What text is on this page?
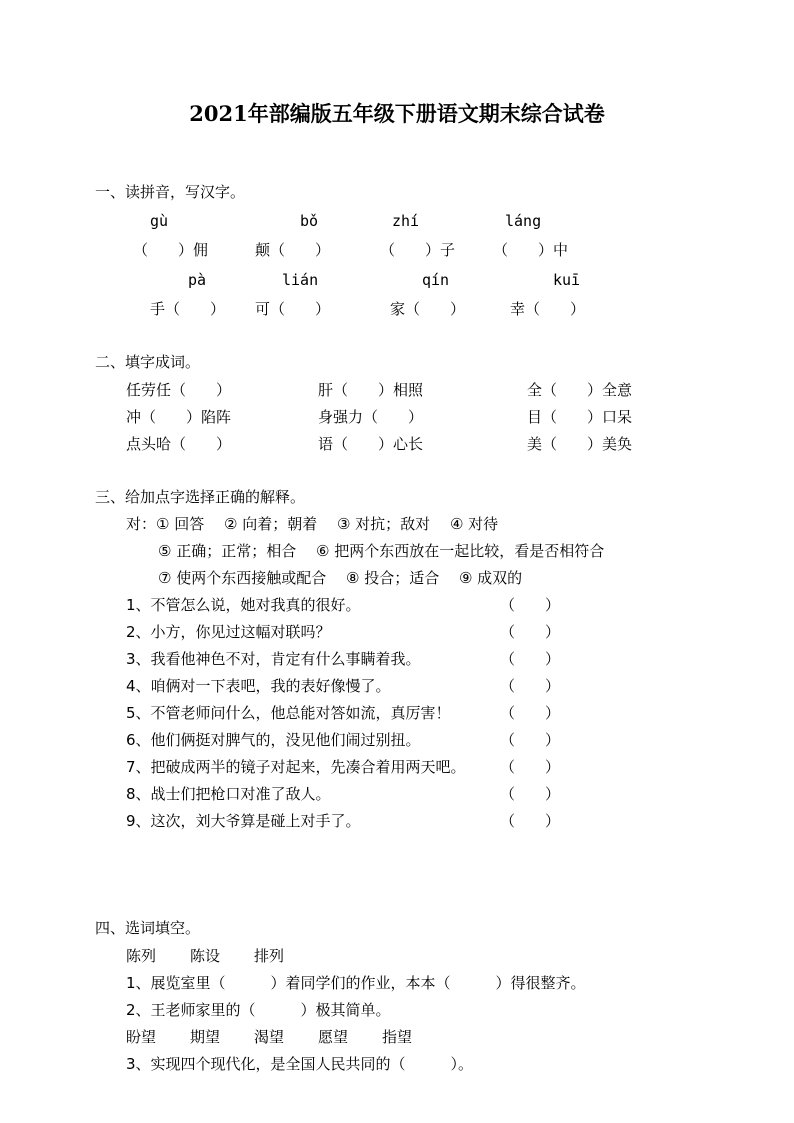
2021年部编版五年级下册语文期末综合试卷
一、读拼音，写汉字。
gù	bǒ	zhí	láng
（　　）佣	颠（　　）	（　　）子	（　　）中
pà	lián	qín	kuī
手（　　） 可（　　）	家（　　）	幸（　　）
二、填字成词。
任劳任（　　）	肝（　　）相照	全（　　）全意
冲（　　）陷阵	身强力（　　）	目（　　）口呆
点头哈（　　）	语（　　）心长	美（　　）美奂
三、给加点字选择正确的解释。
对：① 回答　 ② 向着；朝着　 ③ 对抗；敌对　 ④ 对待
⑤ 正确；正常；相合　 ⑥ 把两个东西放在一起比较，看是否相符合
⑦ 使两个东西接触或配合　 ⑧ 投合；适合　 ⑨ 成双的
1、不管怎么说，她对我真的很好。	（　　）
2、小方，你见过这幅对联吗？	（　　）
3、我看他神色不对，肯定有什么事瞒着我。	（　　）
4、咱俩对一下表吧，我的表好像慢了。	（　　）
5、不管老师问什么，他总能对答如流，真厉害！	（　　）
6、他们俩挺对脾气的，没见他们闹过别扭。	（　　）
7、把破成两半的镜子对起来，先凑合着用两天吧。 （　　）
8、战士们把枪口对准了敌人。	（　　）
9、这次，刘大爷算是碰上对手了。	（　　）
四、选词填空。
陈列 陈设 排列
1、展览室里（　　　）着同学们的作业，本本（　　　）得很整齐。
2、王老师家里的（　　　）极其简单。
盼望 期望 渴望 愿望 指望
3、实现四个现代化，是全国人民共同的（　　　）。
